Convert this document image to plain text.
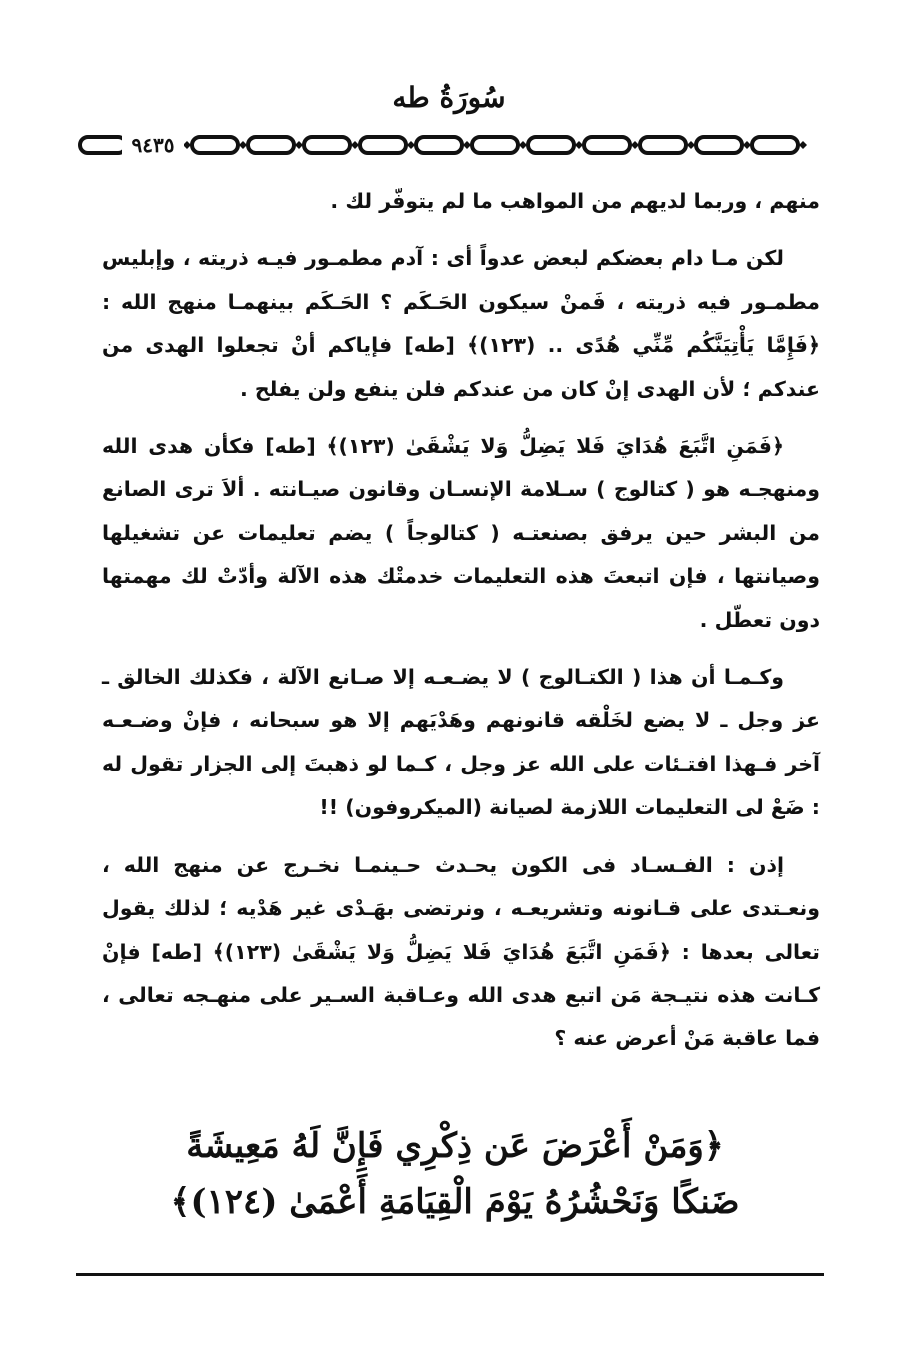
سُورَةُ طه
٩٤٣٥

منهم ، وربما لديهم من المواهب ما لم يتوفّر لك .

لكن مـا دام بعضكم لبعض عدواً أى : آدم مطمـور فيـه ذريته ، وإبليس مطمـور فيه ذريته ، فَمنْ سيكون الحَـكَم ؟ الحَـكَم بينهمـا منهج الله : ﴿فَإِمَّا يَأْتِيَنَّكُم مِّنِّي هُدًى .. (١٢٣)﴾ [طه] فإياكم أنْ تجعلوا الهدى من عندكم ؛ لأن الهدى إنْ كان من عندكم فلن ينفع ولن يفلح .

﴿فَمَنِ اتَّبَعَ هُدَايَ فَلا يَضِلُّ وَلا يَشْقَىٰ (١٢٣)﴾ [طه] فكأن هدى الله ومنهجـه هو ( كتالوج ) سـلامة الإنسـان وقانون صيـانته . ألاَ ترى الصانع من البشر حين يرفق بصنعتـه ( كتالوجاً ) يضم تعليمات عن تشغيلها وصيانتها ، فإن اتبعتَ هذه التعليمات خدمتْك هذه الآلة وأدّتْ لك مهمتها دون تعطّل .

وكـمـا أن هذا ( الكتـالوج ) لا يضـعـه إلا صـانع الآلة ، فكذلك الخالق ـ عز وجل ـ لا يضع لخَلْقه قانونهم وهَدْيَهم إلا هو سبحانه ، فإنْ وضـعـه آخر فـهذا افتـئات على الله عز وجل ، كـما لو ذهبتَ إلى الجزار تقول له : ضَعْ لى التعليمات اللازمة لصيانة (الميكروفون) !!

إذن : الفـسـاد فى الكون يحـدث حـينمـا نخـرج عن منهج الله ، ونعـتدى على قـانونه وتشريعـه ، ونرتضى بهَـدْى غير هَدْيه ؛ لذلك يقول تعالى بعدها : ﴿فَمَنِ اتَّبَعَ هُدَايَ فَلا يَضِلُّ وَلا يَشْقَىٰ (١٢٣)﴾ [طه] فإنْ كـانت هذه نتيـجة مَن اتبع هدى الله وعـاقبة السـير على منهـجه تعالى ، فما عاقبة مَنْ أعرض عنه ؟

﴿وَمَنْ أَعْرَضَ عَن ذِكْرِي فَإِنَّ لَهُ مَعِيشَةً ضَنكًا وَنَحْشُرُهُ يَوْمَ الْقِيَامَةِ أَعْمَىٰ (١٢٤)﴾
